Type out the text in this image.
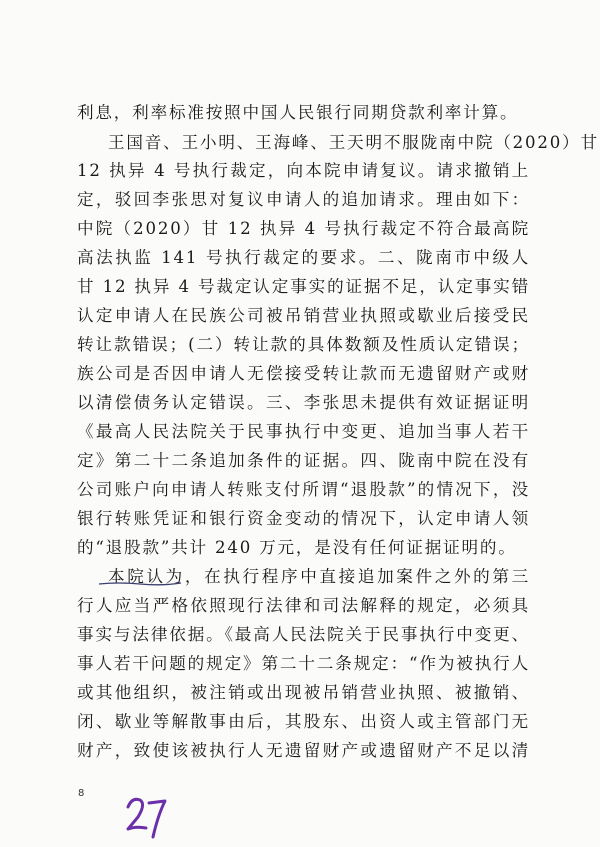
利息，利率标准按照中国人民银行同期贷款利率计算。
王国音、王小明、王海峰、王天明不服陇南中院（2020）甘
12 执异 4 号执行裁定，向本院申请复议。请求撤销上
定，驳回李张思对复议申请人的追加请求。理由如下：
中院（2020）甘 12 执异 4 号执行裁定不符合最高院
高法执监 141 号执行裁定的要求。二、陇南市中级人
甘 12 执异 4 号裁定认定事实的证据不足，认定事实错
认定申请人在民族公司被吊销营业执照或歇业后接受民
转让款错误；(二）转让款的具体数额及性质认定错误；
族公司是否因申请人无偿接受转让款而无遗留财产或财
以清偿债务认定错误。三、李张思未提供有效证据证明
《最高人民法院关于民事执行中变更、追加当事人若干
定》第二十二条追加条件的证据。四、陇南中院在没有
公司账户向申请人转账支付所谓“退股款”的情况下，没
银行转账凭证和银行资金变动的情况下，认定申请人领
的“退股款”共计 240 万元，是没有任何证据证明的。
本院认为，在执行程序中直接追加案件之外的第三
行人应当严格依照现行法律和司法解释的规定，必须具
事实与法律依据。《最高人民法院关于民事执行中变更、
事人若干问题的规定》第二十二条规定：“作为被执行人
或其他组织，被注销或出现被吊销营业执照、被撤销、
闭、歇业等解散事由后，其股东、出资人或主管部门无
财产，致使该被执行人无遗留财产或遗留财产不足以清
8
